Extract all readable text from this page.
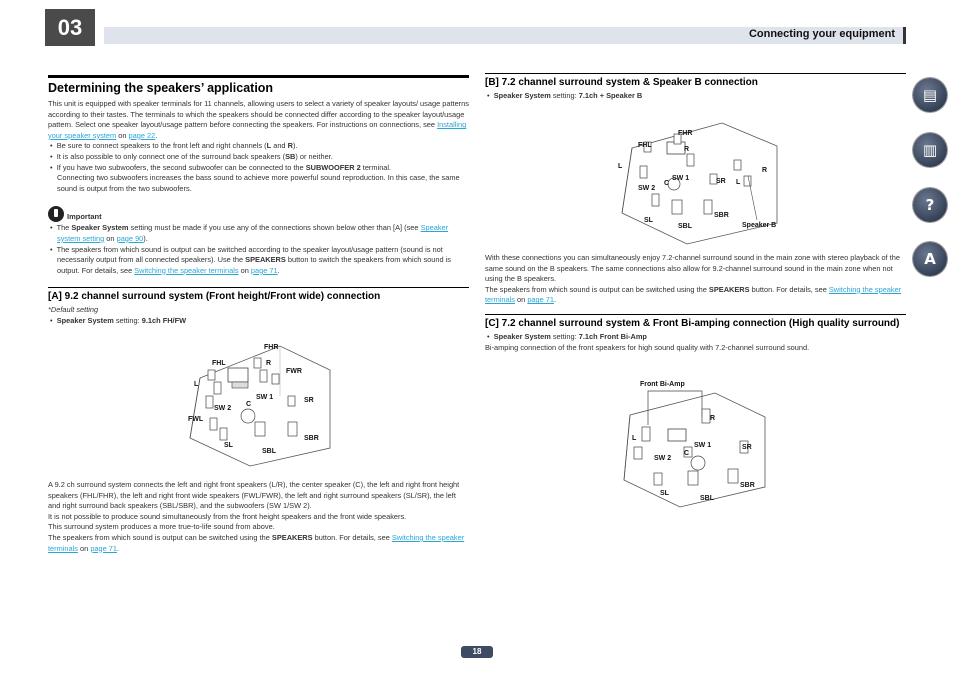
03	Connecting your equipment
Determining the speakers’ application

This unit is equipped with speaker terminals for 11 channels, allowing users to select a variety of speaker layouts/ usage patterns according to their tastes. The terminals to which the speakers should be connected differ according to the speaker layout/usage pattern. Select one speaker layout/usage pattern before connecting the speakers. For instructions on connections, see Installing your speaker system on page 22.

•  Be sure to connect speakers to the front left and right channels (L and R).

•  It is also possible to only connect one of the surround back speakers (SB) or neither.

•  If you have two subwoofers, the second subwoofer can be connected to the SUBWOOFER 2 terminal.

Connecting two subwoofers increases the bass sound to achieve more powerful sound reproduction. In this case, the same sound is output from the two subwoofers.

Important

•  The Speaker System setting must be made if you use any of the connections shown below other than [A] (see Speaker system setting on page 90).

•  The speakers from which sound is output can be switched according to the speaker layout/usage pattern (sound is not necessarily output from all connected speakers). Use the SPEAKERS button to switch the speakers from which sound is output. For details, see Switching the speaker terminals on page 71.

[A] 9.2 channel surround system (Front height/Front wide) connection

*Default setting

•  Speaker System setting: 9.1ch FH/FW

FHR
FHL	R
FWR
L
SR
SW 1
SW 2
C
FWL
SL
SBR
SBL

A 9.2 ch surround system connects the left and right front speakers (L/R), the center speaker (C), the left and right front height speakers (FHL/FHR), the left and right front wide speakers (FWL/FWR), the left and right surround speakers (SL/SR), the left and right surround back speakers (SBL/SBR), and the subwoofers (SW 1/SW 2).

It is not possible to produce sound simultaneously from the front height speakers and the front wide speakers.

This surround system produces a more true-to-life sound from above.

The speakers from which sound is output can be switched using the SPEAKERS button. For details, see Switching the speaker terminals on page 71.

[B] 7.2 channel surround system & Speaker B connection

•  Speaker System setting: 7.1ch + Speaker B

FHR
FHL
R
L
SW 2
SW 1
C	SR L
R
SL
SBL
SBR
Speaker B

With these connections you can simultaneously enjoy 7.2-channel surround sound in the main zone with stereo playback of the same sound on the B speakers. The same connections also allow for 9.2-channel surround sound in the main zone when not using the B speakers.

The speakers from which sound is output can be switched using the SPEAKERS button. For details, see Switching the speaker terminals on page 71.

[C] 7.2 channel surround system & Front Bi-amping connection (High quality surround)

•  Speaker System setting: 7.1ch Front Bi-Amp

Bi-amping connection of the front speakers for high sound quality with 7.2-channel surround sound.

Front Bi-Amp
L
R
SW 1	SR
SW 2
C
SL
SBL
SBR
▤
▥
?
A
18
